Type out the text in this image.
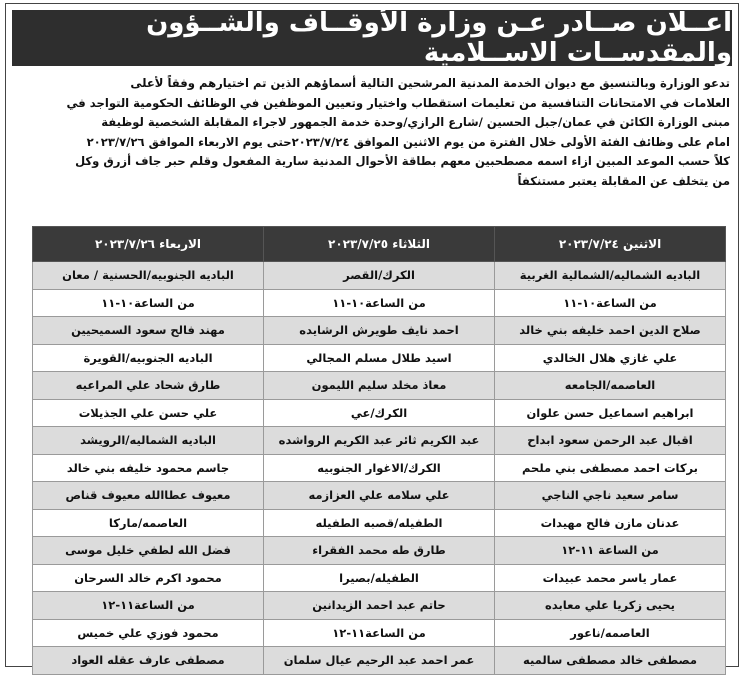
اعــلان صــادر عـن وزارة الأوقــاف والشــؤون والمقدســات الاســلامية
تدعو الوزارة وبالتنسيق مع ديوان الخدمة المدنية المرشحين التالية أسماؤهم الذين تم اختيارهم وفقاً لأعلى
العلامات في الامتحانات التنافسية من تعليمات استقطاب واختيار وتعيين الموظفين في الوظائف الحكومية التواجد في
مبنى الوزارة الكائن في عمان/جبل الحسين /شارع الرازي/وحدة خدمة الجمهور لاجراء المقابلة الشخصية لوظيفة
امام على وظائف الفئة الأولى خلال الفترة من يوم الاثنين الموافق ٢٠٢٣/٧/٢٤حتى يوم الاربعاء الموافق ٢٠٢٣/٧/٢٦
كلاً حسب الموعد المبين ازاء اسمه مصطحبين معهم بطاقة الأحوال المدنية سارية المفعول وقلم حبر جاف أزرق وكل
من يتخلف عن المقابلة يعتبر مستنكفاً
الاثنين ٢٠٢٣/٧/٢٤	الثلاثاء ٢٠٢٣/٧/٢٥	الاربعاء ٢٠٢٣/٧/٢٦
الباديه الشماليه/الشمالية الغربية	الكرك/القصر	الباديه الجنوبيه/الحسنية / معان
من الساعة١٠-١١	من الساعة١٠-١١	من الساعة١٠-١١
صلاح الدين احمد خليفه بني خالد	احمد نايف طويرش الرشايده	مهند فالح سعود السميحيين
علي غازي هلال الخالدي	اسيد طلال مسلم المجالي	الباديه الجنوبيه/القويرة
العاصمه/الجامعه	معاذ مخلد سليم الليمون	طارق شحاد علي المراعيه
ابراهيم اسماعيل حسن علوان	الكرك/عي	علي حسن علي الجذيلات
اقبال عبد الرحمن سعود ابداح	عبد الكريم ثائر عبد الكريم الرواشده	الباديه الشماليه/الرويشد
بركات احمد مصطفى بني ملحم	الكرك/الاغوار الجنوبيه	جاسم محمود خليفه بني خالد
سامر سعيد ناجي الناجي	علي سلامه علي العزازمه	معيوف عطاالله معيوف قناص
عدنان مازن فالح مهيدات	الطفيله/قصبه الطفيله	العاصمه/ماركا
من الساعة ١١-١٢	طارق طه محمد الفقراء	فضل الله لطفي خليل موسى
عمار ياسر محمد عبيدات	الطفيله/بصيرا	محمود اكرم خالد السرحان
يحيى زكريا علي معابده	حاتم عبد احمد الزيدانين	من الساعة١١-١٢
العاصمه/ناعور	من الساعة١١-١٢	محمود فوزي علي خميس
مصطفى خالد مصطفى سالميه	عمر احمد عبد الرحيم عيال سلمان	مصطفى عارف عقله العواد
